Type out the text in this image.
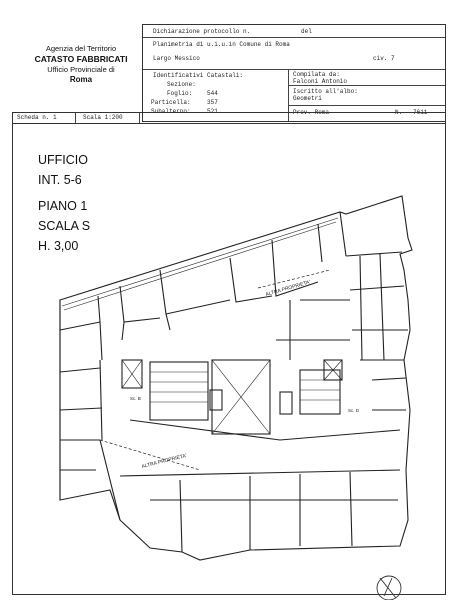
Agenzia del Territorio
CATASTO FABBRICATI
Ufficio Provinciale di
Roma
Dichiarazione protocollo n.	del
Planimetria di u.i.u.in Comune di Roma
Largo Messico	civ. 7
Identificativi Catastali:
Sezione:
Foglio: 544
Particella:	357
Subalterno:	521
Compilata da:
Falconi Antonio
Iscritto all'albo:
Geometri
Prov. Roma	N. 7611
Scheda n. 1	Scala 1:200
UFFICIO
INT. 5-6
PIANO 1
SCALA S
H. 3,00
ALTRA PROPRIETA'
ALTRA PROPRIETA'
Sc. B
Sc. D
